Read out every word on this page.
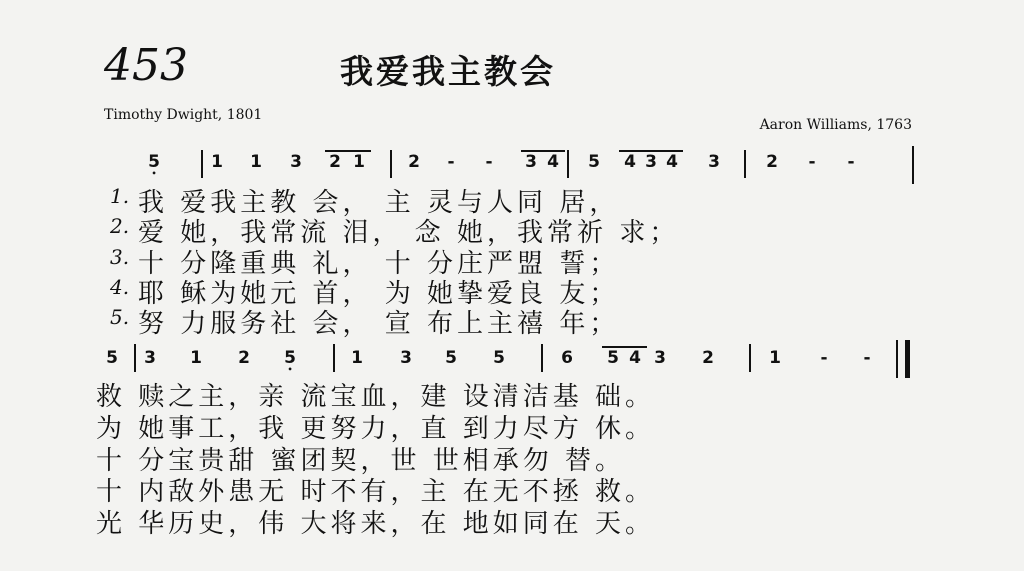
453	我爱我主教会
Timothy Dwight, 1801
Aaron Williams, 1763
5 •	1 1 3 2 1	2 - - 3 4 5 4 3 4 3	2 - -
1. 我 爱我主教 会， 主 灵与人同 居，
2. 爱 她，我常流 泪， 念 她，我常祈 求；
3. 十 分隆重典 礼， 十 分庄严盟 誓；
4. 耶 稣为她元 首， 为 她挚爱良 友；
5. 努 力服务社 会， 宣 布上主禧 年；
5 3 1 2 5 •	1 3 5 5	6 5 4 3 2	1 - -
救 赎之主，亲 流宝血，建 设清洁基 础。
为 她事工，我 更努力，直 到力尽方 休。
十 分宝贵甜 蜜团契，世 世相承勿 替。
十 内敌外患无 时不有，主 在无不拯 救。
光 华历史，伟 大将来，在 地如同在 天。
